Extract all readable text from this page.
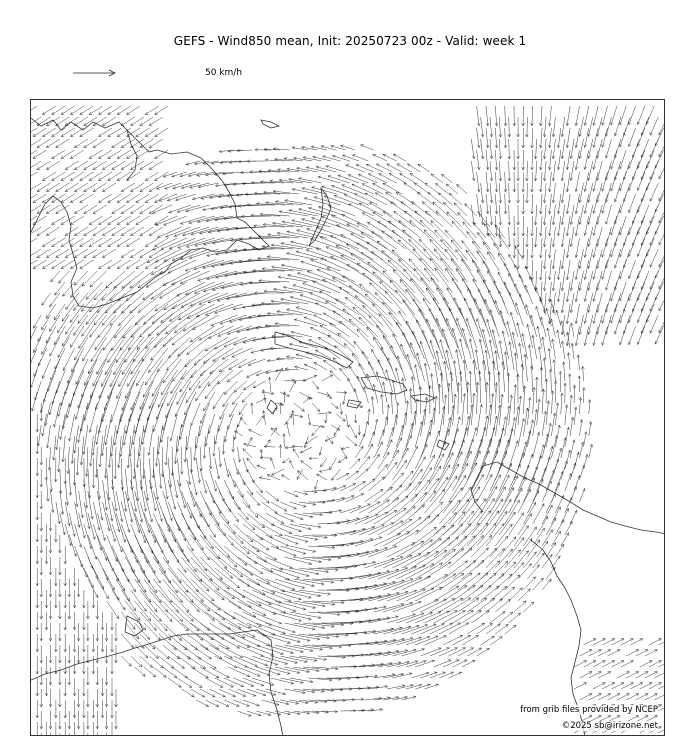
GEFS - Wind850 mean, Init: 20250723 00z - Valid: week 1
50 km/h
from grib files provided by NCEP
©2025 sb@irizone.net
